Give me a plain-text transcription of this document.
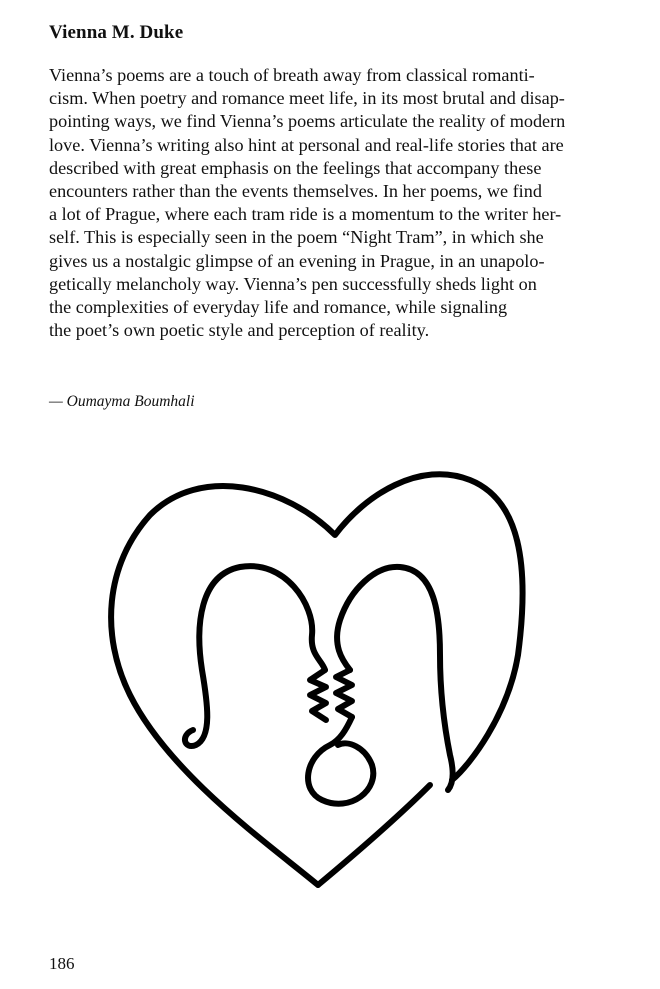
Vienna M. Duke
Vienna’s poems are a touch of breath away from classical romanti-
cism. When poetry and romance meet life, in its most brutal and disap-
pointing ways, we find Vienna’s poems articulate the reality of modern
love. Vienna’s writing also hint at personal and real-life stories that are
described with great emphasis on the feelings that accompany these
encounters rather than the events themselves. In her poems, we find
a lot of Prague, where each tram ride is a momentum to the writer her-
self. This is especially seen in the poem “Night Tram”, in which she
gives us a nostalgic glimpse of an evening in Prague, in an unapolo-
getically melancholy way. Vienna’s pen successfully sheds light on
the complexities of everyday life and romance, while signaling
the poet’s own poetic style and perception of reality.
— Oumayma Boumhali
186
